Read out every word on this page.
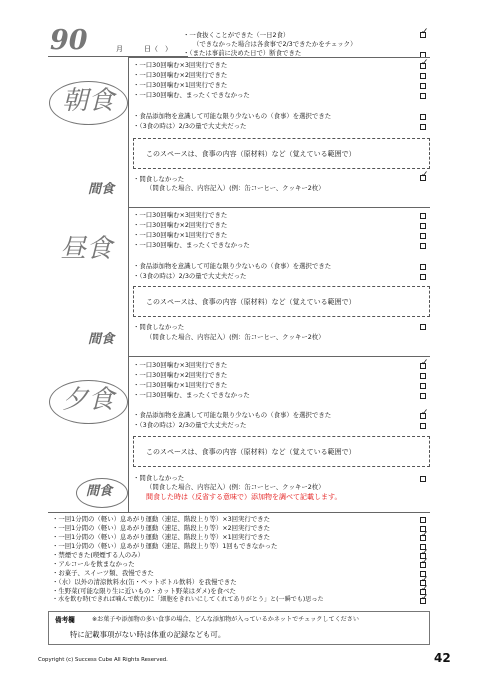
90	月	日（　）
・ 一食抜くことができた（一日2食）
✓
（できなかった場合は各食事で2/3できたかをチェック）
・ （または事前に決めた日で）断食できた
朝食
・ 一口30回噛む×3回実行できた
✓
・ 一口30回噛む×2回実行できた
・ 一口30回噛む×1回実行できた
・ 一口30回噛む、まったくできなかった
・ 食品添加物を意識して可能な限り少ないもの（食事）を選択できた
・ （3食の時は）2/3の量で大丈夫だった
このスペースは、食事の内容（原材料）など（覚えている範囲で）
間食
・ 間食しなかった
✓
（間食した場合、内容記入）(例：缶コーヒー、クッキー2枚）
昼食
・ 一口30回噛む×3回実行できた
・ 一口30回噛む×2回実行できた
・ 一口30回噛む×1回実行できた
・ 一口30回噛む、まったくできなかった
・ 食品添加物を意識して可能な限り少ないもの（食事）を選択できた
・ （3食の時は）2/3の量で大丈夫だった
このスペースは、食事の内容（原材料）など（覚えている範囲で）
間食
・ 間食しなかった
（間食した場合、内容記入）(例：缶コーヒー、クッキー2枚）
夕食
・ 一口30回噛む×3回実行できた
✓
・ 一口30回噛む×2回実行できた
・ 一口30回噛む×1回実行できた
・ 一口30回噛む、まったくできなかった
・ 食品添加物を意識して可能な限り少ないもの（食事）を選択できた
✓
・ （3食の時は）2/3の量で大丈夫だった
このスペースは、食事の内容（原材料）など（覚えている範囲で）
間食
・ 間食しなかった
（間食した場合、内容記入）(例：缶コーヒー、クッキー2枚）
間食した時は（反省する意味で）添加物を調べて記載します。
・ 一回1分間の（軽い）息あがり運動（速足、階段上り等）×3回実行できた
・ 一回1分間の（軽い）息あがり運動（速足、階段上り等）×2回実行できた
・ 一回1分間の（軽い）息あがり運動（速足、階段上り等）×1回実行できた
✓
・ 一回1分間の（軽い）息あがり運動（速足、階段上り等）1回もできなかった
・ 禁煙できた(喫煙する人のみ）
✓
・ アルコールを飲まなかった
✓
・ お菓子、スイーツ類、我慢できた
・ （水）以外の清涼飲料水(缶・ペットボトル飲料）を我慢できた
✓
・ 生野菜(可能な限り生に近いもの・カット野菜はダメ)を食べた
✓
・ 水を飲む時(できれば噛んで飲む)に「細胞をきれいにしてくれてありがとう」と(一瞬でも)思った
✓
備考欄	※お菓子や添加物の多い食事の場合、どんな添加物が入っているかネットでチェックしてください
特に記載事項がない時は体重の記録なども可。
Copyright (c) Success Cube All Rights Reserved.	42
